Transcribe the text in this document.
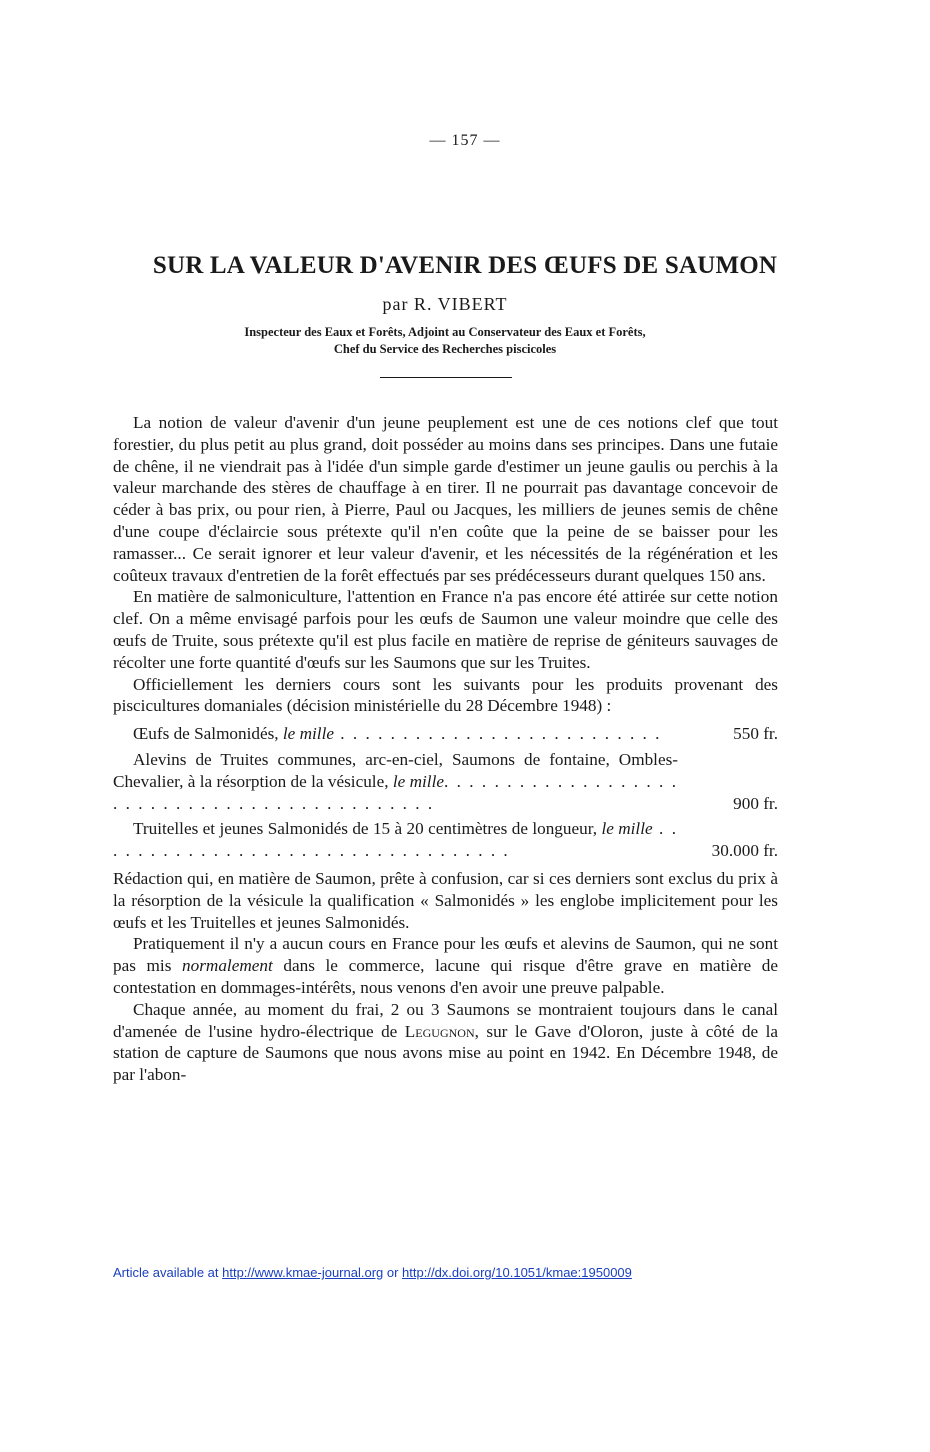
— 157 —
SUR LA VALEUR D'AVENIR DES ŒUFS DE SAUMON
par R. VIBERT
Inspecteur des Eaux et Forêts, Adjoint au Conservateur des Eaux et Forêts,
Chef du Service des Recherches piscicoles

La notion de valeur d'avenir d'un jeune peuplement est une de ces notions clef que tout forestier, du plus petit au plus grand, doit posséder au moins dans ses principes. Dans une futaie de chêne, il ne viendrait pas à l'idée d'un simple garde d'estimer un jeune gaulis ou perchis à la valeur marchande des stères de chauffage à en tirer. Il ne pourrait pas davantage concevoir de céder à bas prix, ou pour rien, à Pierre, Paul ou Jacques, les milliers de jeunes semis de chêne d'une coupe d'éclaircie sous prétexte qu'il n'en coûte que la peine de se baisser pour les ramasser... Ce serait ignorer et leur valeur d'avenir, et les nécessités de la régénération et les coûteux travaux d'entretien de la forêt effectués par ses prédécesseurs durant quelques 150 ans.

En matière de salmoniculture, l'attention en France n'a pas encore été attirée sur cette notion clef. On a même envisagé parfois pour les œufs de Saumon une valeur moindre que celle des œufs de Truite, sous prétexte qu'il est plus facile en matière de reprise de géniteurs sauvages de récolter une forte quantité d'œufs sur les Saumons que sur les Truites.

Officiellement les derniers cours sont les suivants pour les produits provenant des piscicultures domaniales (décision ministérielle du 28 Décembre 1948) :

Œufs de Salmonidés, le mille . . . . . . . . . . . . . . . . . . . . . . . . . .	550 fr.
Alevins de Truites communes, arc-en-ciel, Saumons de fontaine, Ombles-Chevalier, à la résorption de la vésicule, le mille. . . . . . . . . . . . . . . . . . . . . . . . . . . . . . . . . . . . . . . . . . . . .	900 fr.
Truitelles et jeunes Salmonidés de 15 à 20 centimètres de longueur, le mille . . . . . . . . . . . . . . . . . . . . . . . . . . . . . . . . . .	30.000 fr.

Rédaction qui, en matière de Saumon, prête à confusion, car si ces derniers sont exclus du prix à la résorption de la vésicule la qualification « Salmonidés » les englobe implicitement pour les œufs et les Truitelles et jeunes Salmonidés.

Pratiquement il n'y a aucun cours en France pour les œufs et alevins de Saumon, qui ne sont pas mis normalement dans le commerce, lacune qui risque d'être grave en matière de contestation en dommages-intérêts, nous venons d'en avoir une preuve palpable.

Chaque année, au moment du frai, 2 ou 3 Saumons se montraient toujours dans le canal d'amenée de l'usine hydro-électrique de Legugnon, sur le Gave d'Oloron, juste à côté de la station de capture de Saumons que nous avons mise au point en 1942. En Décembre 1948, de par l'abon-

Article available at http://www.kmae-journal.org or http://dx.doi.org/10.1051/kmae:1950009
